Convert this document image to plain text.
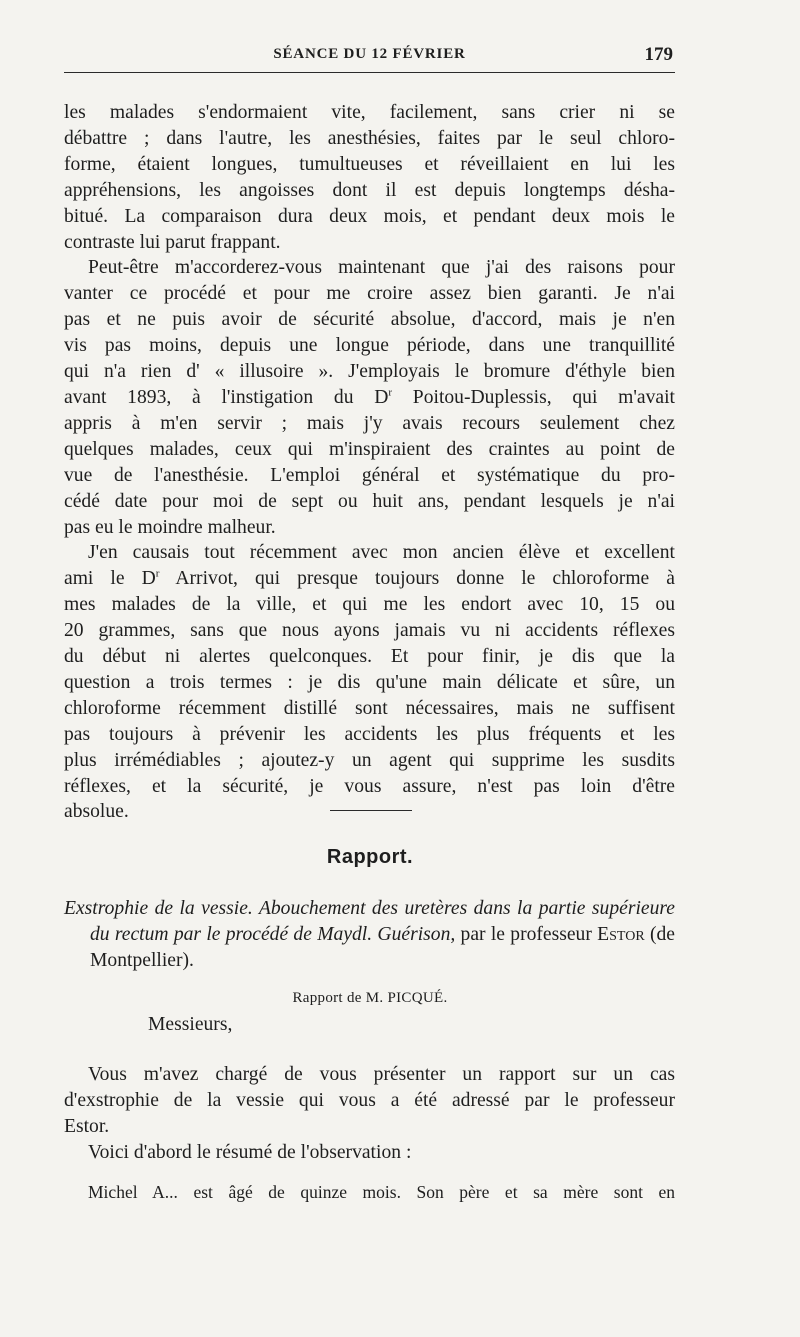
SÉANCE DU 12 FÉVRIER	179

les malades s'endormaient vite, facilement, sans crier ni se

débattre ; dans l'autre, les anesthésies, faites par le seul chloro-

forme, étaient longues, tumultueuses et réveillaient en lui les

appréhensions, les angoisses dont il est depuis longtemps désha-

bitué. La comparaison dura deux mois, et pendant deux mois le

contraste lui parut frappant.

Peut-être m'accorderez-vous maintenant que j'ai des raisons pour

vanter ce procédé et pour me croire assez bien garanti. Je n'ai

pas et ne puis avoir de sécurité absolue, d'accord, mais je n'en

vis pas moins, depuis une longue période, dans une tranquillité

qui n'a rien d' « illusoire ». J'employais le bromure d'éthyle bien

avant 1893, à l'instigation du $D^r$ Poitou-Duplessis, qui m'avait

appris à m'en servir ; mais j'y avais recours seulement chez

quelques malades, ceux qui m'inspiraient des craintes au point de

vue de l'anesthésie. L'emploi général et systématique du pro-

cédé date pour moi de sept ou huit ans, pendant lesquels je n'ai

pas eu le moindre malheur.

J'en causais tout récemment avec mon ancien élève et excellent

ami le $D^r$ Arrivot, qui presque toujours donne le chloroforme à

mes malades de la ville, et qui me les endort avec 10, 15 ou

20 grammes, sans que nous ayons jamais vu ni accidents réflexes

du début ni alertes quelconques. Et pour finir, je dis que la

question a trois termes : je dis qu'une main délicate et sûre, un

chloroforme récemment distillé sont nécessaires, mais ne suffisent

pas toujours à prévenir les accidents les plus fréquents et les

plus irrémédiables ; ajoutez-y un agent qui supprime les susdits

réflexes, et la sécurité, je vous assure, n'est pas loin d'être

absolue.

Rapport.

Exstrophie de la vessie. Abouchement des uretères dans la partie supérieure du rectum par le procédé de Maydl. Guérison, par le professeur Estor (de Montpellier).

Rapport de M. PICQUÉ.
Messieurs,

Vous m'avez chargé de vous présenter un rapport sur un cas

d'exstrophie de la vessie qui vous a été adressé par le professeur

Estor.

Voici d'abord le résumé de l'observation :

Michel A... est âgé de quinze mois. Son père et sa mère sont en
